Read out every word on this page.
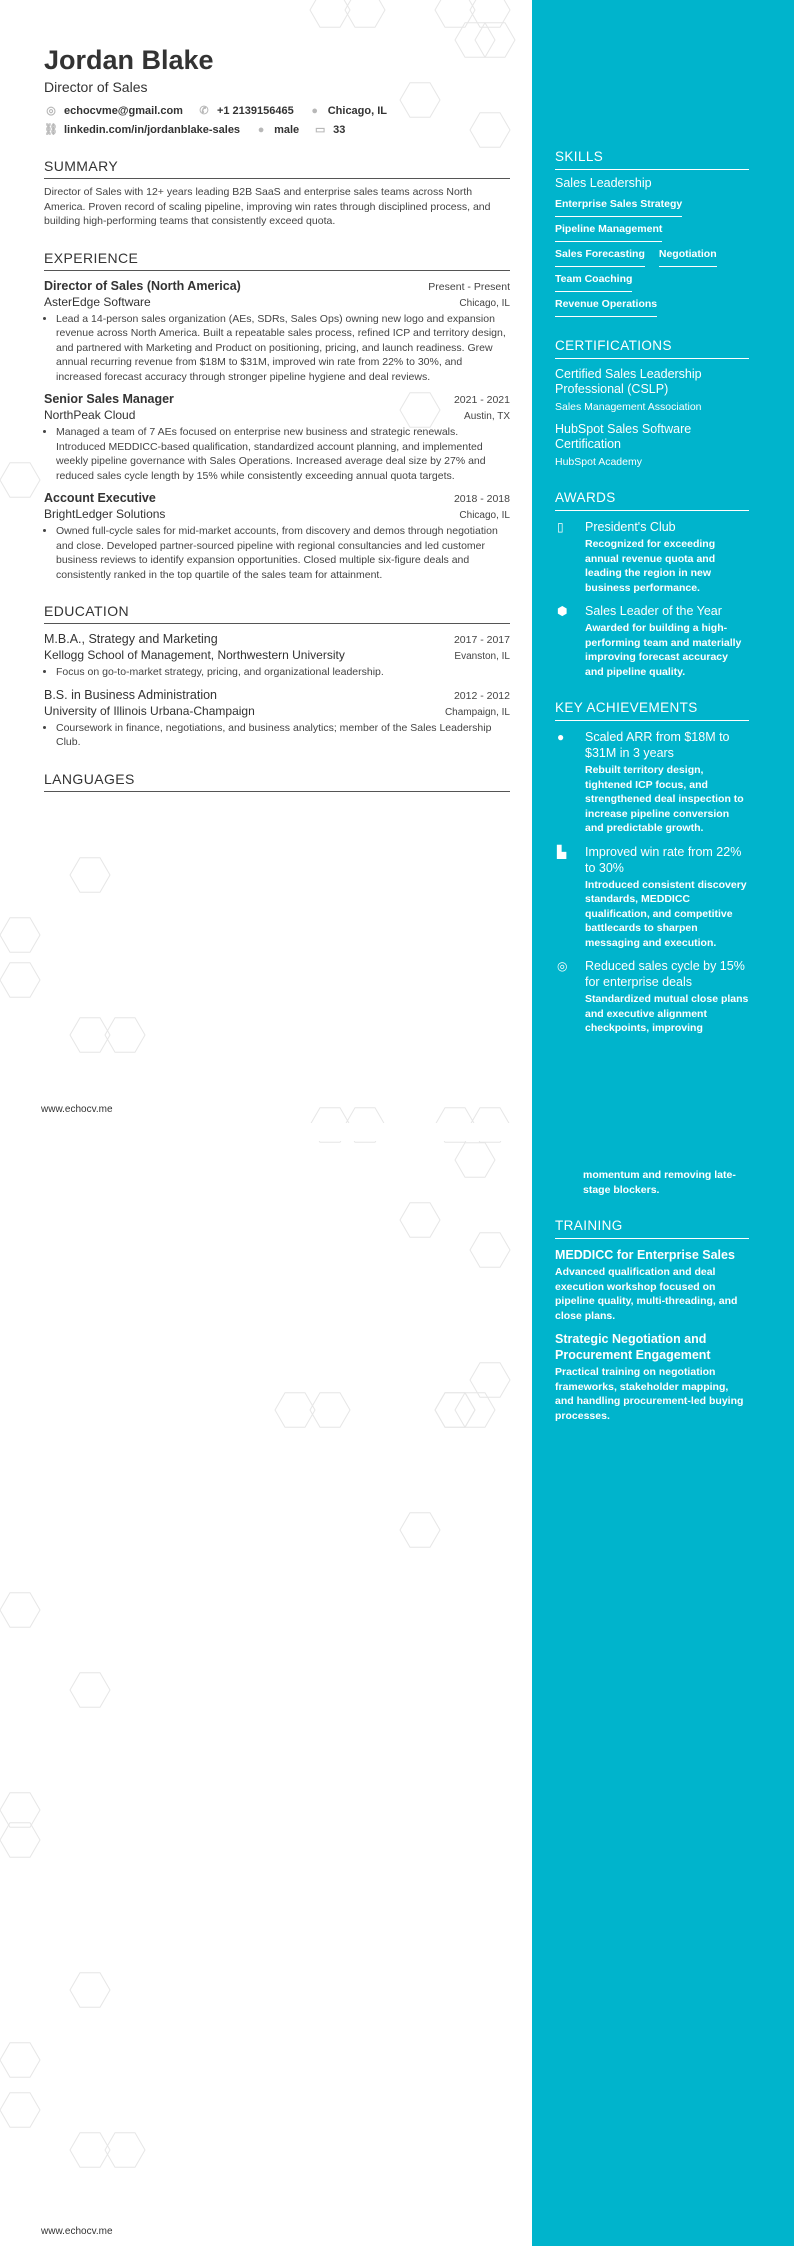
Jordan Blake
Director of Sales
◎ echocvme@gmail.com ✆ +1 2139156465	● Chicago, IL
⛓ linkedin.com/in/jordanblake-sales	● male ▭ 33
SUMMARY
Director of Sales with 12+ years leading B2B SaaS and enterprise sales teams across North America. Proven record of scaling pipeline, improving win rates through disciplined process, and building high-performing teams that consistently exceed quota.
EXPERIENCE
Director of Sales (North America)	Present - Present
AsterEdge Software	Chicago, IL
• Lead a 14-person sales organization (AEs, SDRs, Sales Ops) owning new logo and expansion revenue across North America. Built a repeatable sales process, refined ICP and territory design, and partnered with Marketing and Product on positioning, pricing, and launch readiness. Grew annual recurring revenue from $18M to $31M, improved win rate from 22% to 30%, and increased forecast accuracy through stronger pipeline hygiene and deal reviews.
Senior Sales Manager	2021 - 2021
NorthPeak Cloud	Austin, TX
• Managed a team of 7 AEs focused on enterprise new business and strategic renewals. Introduced MEDDICC-based qualification, standardized account planning, and implemented weekly pipeline governance with Sales Operations. Increased average deal size by 27% and reduced sales cycle length by 15% while consistently exceeding annual quota targets.
Account Executive	2018 - 2018
BrightLedger Solutions	Chicago, IL
• Owned full-cycle sales for mid-market accounts, from discovery and demos through negotiation and close. Developed partner-sourced pipeline with regional consultancies and led customer business reviews to identify expansion opportunities. Closed multiple six-figure deals and consistently ranked in the top quartile of the sales team for attainment.
EDUCATION
M.B.A., Strategy and Marketing	2017 - 2017
Kellogg School of Management, Northwestern University	Evanston, IL
• Focus on go-to-market strategy, pricing, and organizational leadership.
B.S. in Business Administration	2012 - 2012
University of Illinois Urbana-Champaign	Champaign, IL
• Coursework in finance, negotiations, and business analytics; member of the Sales Leadership Club.
LANGUAGES
www.echocv.me
www.echocv.me
SKILLS
Sales Leadership
Enterprise Sales Strategy
Pipeline Management
Sales Forecasting Negotiation
Team Coaching
Revenue Operations
CERTIFICATIONS
Certified Sales Leadership Professional (CSLP)
Sales Management Association
HubSpot Sales Software Certification
HubSpot Academy
AWARDS
▯	President's Club
Recognized for exceeding annual revenue quota and leading the region in new business performance.
⬢	Sales Leader of the Year
Awarded for building a high-performing team and materially improving forecast accuracy and pipeline quality.
KEY ACHIEVEMENTS
●	Scaled ARR from $18M to $31M in 3 years
Rebuilt territory design, tightened ICP focus, and strengthened deal inspection to increase pipeline conversion and predictable growth.
▙	Improved win rate from 22% to 30%
Introduced consistent discovery standards, MEDDICC qualification, and competitive battlecards to sharpen messaging and execution.
◎	Reduced sales cycle by 15% for enterprise deals
Standardized mutual close plans and executive alignment checkpoints, improving
momentum and removing late-stage blockers.
TRAINING
MEDDICC for Enterprise Sales
Advanced qualification and deal execution workshop focused on pipeline quality, multi-threading, and close plans.
Strategic Negotiation and Procurement Engagement
Practical training on negotiation frameworks, stakeholder mapping, and handling procurement-led buying processes.
